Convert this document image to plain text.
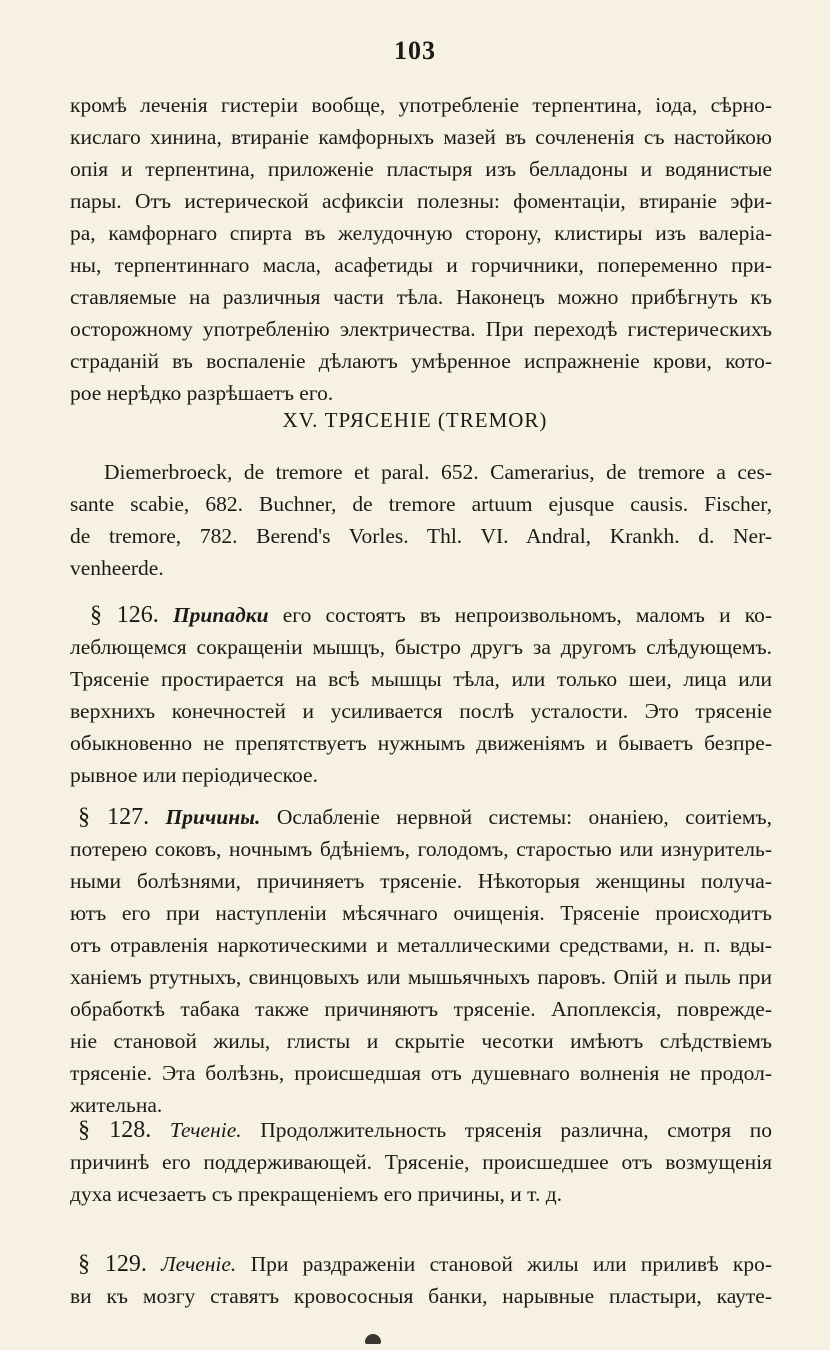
103
кромѣ леченія гистеріи вообще, употребленіе терпентина, іода, сѣрно-
кислаго хинина, втираніе камфорныхъ мазей въ сочлененія съ настойкою
опія и терпентина, приложеніе пластыря изъ белладоны и водянистые
пары. Отъ истерической асфиксіи полезны: фоментаціи, втираніе эфи-
ра, камфорнаго спирта въ желудочную сторону, клистиры изъ валеріа-
ны, терпентиннаго масла, асафетиды и горчичники, попеременно при-
ставляемые на различныя части тѣла. Наконецъ можно прибѣгнуть къ
осторожному употребленію электричества. При переходѣ гистерическихъ
страданій въ воспаленіе дѣлаютъ умѣренное испражненіе крови, кото-
рое нерѣдко разрѣшаетъ его.
XV. ТРЯСЕНІЕ (TREMOR)
Diemerbroeck, de tremore et paral. 652. Camerarius, de tremore a ces-
sante scabie, 682. Buchner, de tremore artuum ejusque causis. Fischer,
de tremore, 782. Berend's Vorles. Thl. VI. Andral, Krankh. d. Ner-
venheerde.
§ 126. Припадки его состоятъ въ непроизвольномъ, маломъ и ко-
леблющемся сокращеніи мышцъ, быстро другъ за другомъ слѣдующемъ.
Трясеніе простирается на всѣ мышцы тѣла, или только шеи, лица или
верхнихъ конечностей и усиливается послѣ усталости. Это трясеніе
обыкновенно не препятствуетъ нужнымъ движеніямъ и бываетъ безпре-
рывное или періодическое.
§ 127. Причины. Ослабленіе нервной системы: онаніею, соитіемъ,
потерею соковъ, ночнымъ бдѣніемъ, голодомъ, старостью или изнуритель-
ными болѣзнями, причиняетъ трясеніе. Нѣкоторыя женщины получа-
ютъ его при наступленіи мѣсячнаго очищенія. Трясеніе происходитъ
отъ отравленія наркотическими и металлическими средствами, н. п. вды-
ханіемъ ртутныхъ, свинцовыхъ или мышьячныхъ паровъ. Опій и пыль при
обработкѣ табака также причиняютъ трясеніе. Апоплексія, поврежде-
ніе становой жилы, глисты и скрытіе чесотки имѣютъ слѣдствіемъ
трясеніе. Эта болѣзнь, происшедшая отъ душевнаго волненія не продол-
жительна.
§ 128. Теченіе. Продолжительность трясенія различна, смотря по
причинѣ его поддерживающей. Трясеніе, происшедшее отъ возмущенія
духа исчезаетъ съ прекращеніемъ его причины, и т. д.
§ 129. Леченіе. При раздраженіи становой жилы или приливѣ кро-
ви къ мозгу ставятъ кровососныя банки, нарывные пластыри, кауте-
